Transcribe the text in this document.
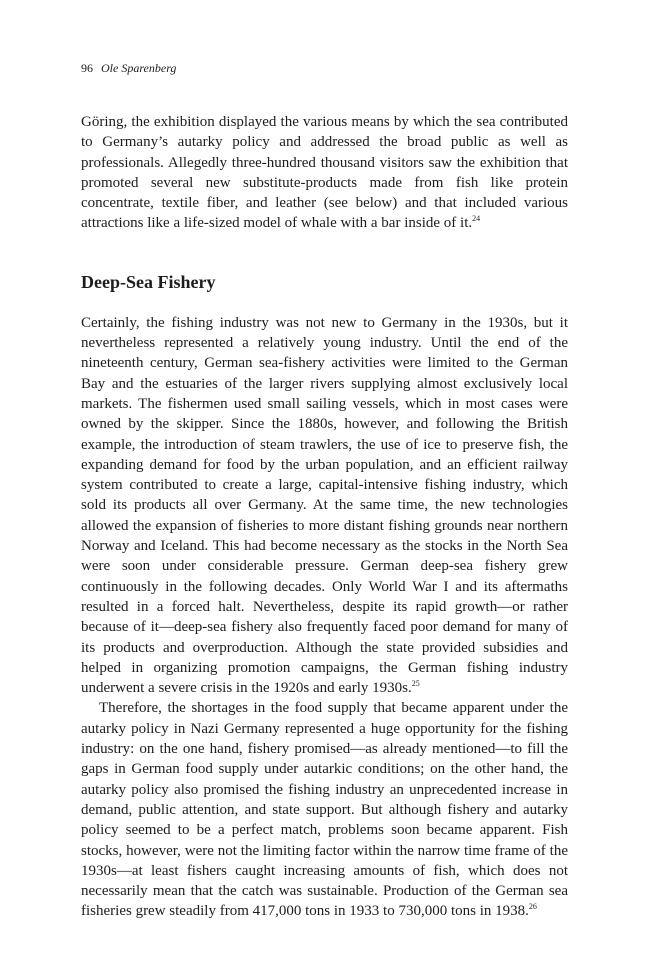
96 Ole Sparenberg

Göring, the exhibition displayed the various means by which the sea contributed to Germany’s autarky policy and addressed the broad public as well as professionals. Allegedly three-hundred thousand visitors saw the exhibition that promoted several new substitute-products made from fish like protein concentrate, textile fiber, and leather (see below) and that included various attractions like a life-sized model of whale with a bar inside of it.$^{24}$

Deep-Sea Fishery

Certainly, the fishing industry was not new to Germany in the 1930s, but it nevertheless represented a relatively young industry. Until the end of the nineteenth century, German sea-fishery activities were limited to the German Bay and the estuaries of the larger rivers supplying almost exclusively local markets. The fishermen used small sailing vessels, which in most cases were owned by the skipper. Since the 1880s, however, and following the British example, the introduction of steam trawlers, the use of ice to preserve fish, the expanding demand for food by the urban population, and an efficient railway system contributed to create a large, capital-intensive fishing industry, which sold its products all over Germany. At the same time, the new technologies allowed the expansion of fisheries to more distant fishing grounds near northern Norway and Iceland. This had become necessary as the stocks in the North Sea were soon under considerable pressure. German deep-sea fishery grew continuously in the following decades. Only World War I and its aftermaths resulted in a forced halt. Nevertheless, despite its rapid growth—or rather because of it—deep-sea fishery also frequently faced poor demand for many of its products and overproduction. Although the state provided subsidies and helped in organizing promotion campaigns, the German fishing industry underwent a severe crisis in the 1920s and early 1930s.$^{25}$

Therefore, the shortages in the food supply that became apparent under the autarky policy in Nazi Germany represented a huge opportunity for the fishing industry: on the one hand, fishery promised—as already mentioned—to fill the gaps in German food supply under autarkic conditions; on the other hand, the autarky policy also promised the fishing industry an unprecedented increase in demand, public attention, and state support. But although fishery and autarky policy seemed to be a perfect match, problems soon became apparent. Fish stocks, however, were not the limiting factor within the narrow time frame of the 1930s—at least fishers caught increasing amounts of fish, which does not necessarily mean that the catch was sustainable. Production of the German sea fisheries grew steadily from 417,000 tons in 1933 to 730,000 tons in 1938.26
